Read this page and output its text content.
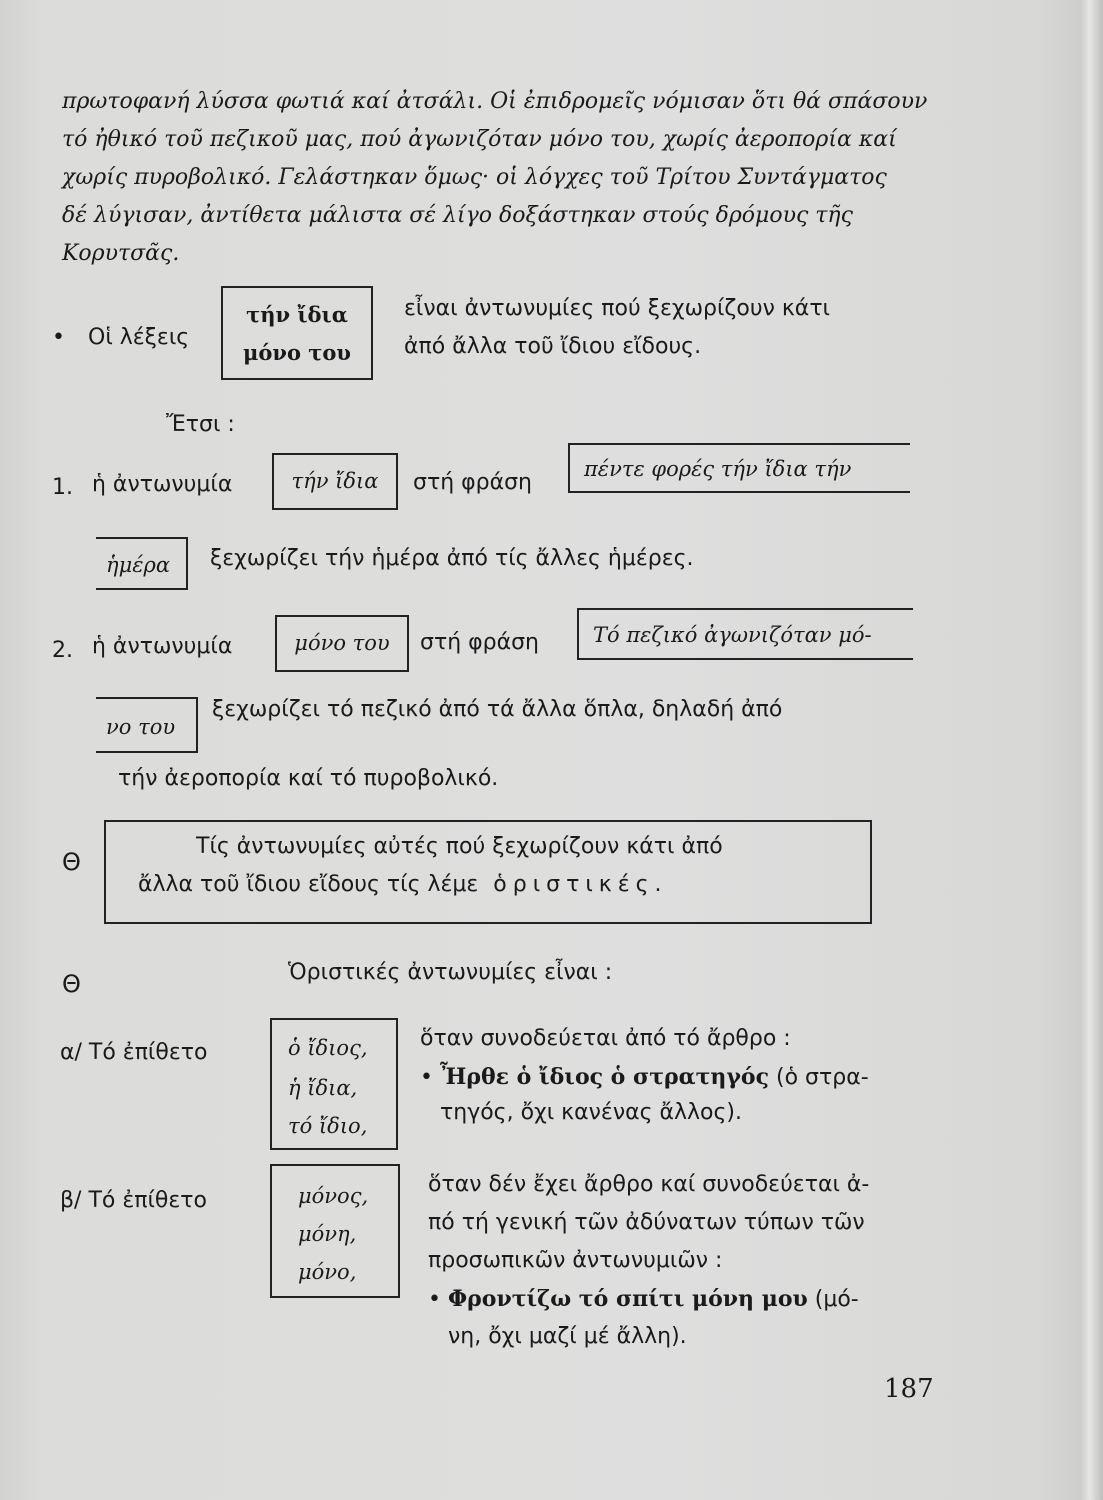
πρωτοφανή λύσσα φωτιά καί ἀτσάλι. Οἱ ἐπιδρομεῖς νόμισαν ὅτι θά σπάσουν
τό ἠθικό τοῦ πεζικοῦ μας, πού ἀγωνιζόταν μόνο του, χωρίς ἀεροπορία καί
χωρίς πυροβολικό. Γελάστηκαν ὅμως· οἱ λόγχες τοῦ Τρίτου Συντάγματος
δέ λύγισαν, ἀντίθετα μάλιστα σέ λίγο δοξάστηκαν στούς δρόμους τῆς
Κορυτσᾶς.
• Οἱ λέξεις
τήν ἴδια
μόνο του
εἶναι ἀντωνυμίες πού ξεχωρίζουν κάτι
ἀπό ἄλλα τοῦ ἴδιου εἴδους.
Ἔτσι :
1. ἡ ἀντωνυμία	τήν ἴδια	στή φράση
πέντε φορές τήν ἴδια τήν
ἡμέρα ξεχωρίζει τήν ἡμέρα ἀπό τίς ἄλλες ἡμέρες.
2. ἡ ἀντωνυμία	μόνο του	στή φράση	Τό πεζικό ἀγωνιζόταν μό-
νο του
ξεχωρίζει τό πεζικό ἀπό τά ἄλλα ὅπλα, δηλαδή ἀπό
τήν ἀεροπορία καί τό πυροβολικό.
Θ
Τίς ἀντωνυμίες αὐτές πού ξεχωρίζουν κάτι ἀπό
ἄλλα τοῦ ἴδιου εἴδους τίς λέμε ὁριστικές.
Θ	Ὁριστικές ἀντωνυμίες εἶναι :
α/ Τό ἐπίθετο	ὁ ἴδιος,
ἡ ἴδια,
τό ἴδιο,
ὅταν συνοδεύεται ἀπό τό ἄρθρο :
• Ἦρθε ὁ ἴδιος ὁ στρατηγός (ὁ στρα-
τηγός, ὄχι κανένας ἄλλος).
β/ Τό ἐπίθετο	μόνος,
μόνη,
μόνο,
ὅταν δέν ἔχει ἄρθρο καί συνοδεύεται ἀ-
πό τή γενική τῶν ἀδύνατων τύπων τῶν
προσωπικῶν ἀντωνυμιῶν :
• Φροντίζω τό σπίτι μόνη μου (μό-
νη, ὄχι μαζί μέ ἄλλη).
187
